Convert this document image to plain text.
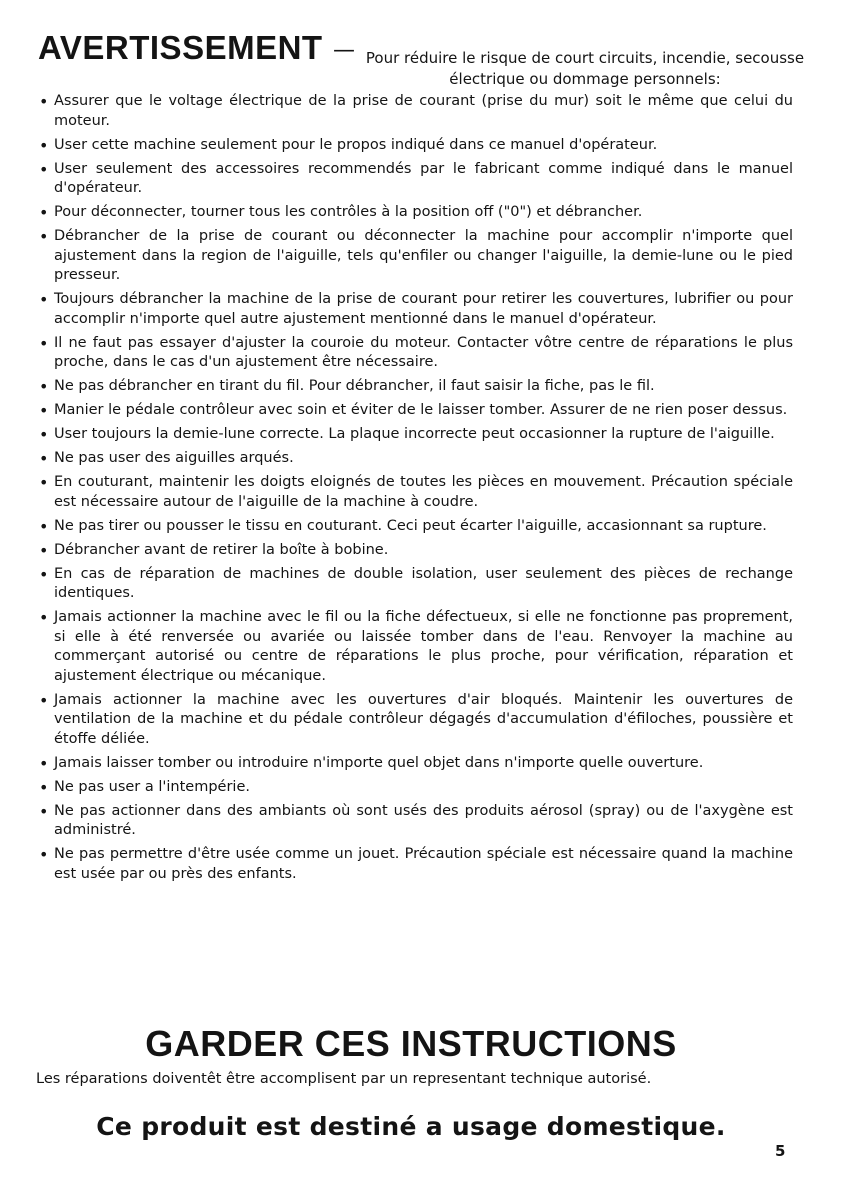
AVERTISSEMENT — Pour réduire le risque de court circuits, incendie, secousse électrique ou dommage personnels:
• Assurer que le voltage électrique de la prise de courant (prise du mur) soit le même que celui du moteur.
• User cette machine seulement pour le propos indiqué dans ce manuel d'opérateur.
• User seulement des accessoires recommendés par le fabricant comme indiqué dans le manuel d'opérateur.
• Pour déconnecter, tourner tous les contrôles à la position off ("0") et débrancher.
• Débrancher de la prise de courant ou déconnecter la machine pour accomplir n'importe quel ajustement dans la region de l'aiguille, tels qu'enfiler ou changer l'aiguille, la demie-lune ou le pied presseur.
• Toujours débrancher la machine de la prise de courant pour retirer les couvertures, lubrifier ou pour accomplir n'importe quel autre ajustement mentionné dans le manuel d'opérateur.
• Il ne faut pas essayer d'ajuster la couroie du moteur. Contacter vôtre centre de réparations le plus proche, dans le cas d'un ajustement être nécessaire.
• Ne pas débrancher en tirant du fil. Pour débrancher, il faut saisir la fiche, pas le fil.
• Manier le pédale contrôleur avec soin et éviter de le laisser tomber. Assurer de ne rien poser dessus.
• User toujours la demie-lune correcte. La plaque incorrecte peut occasionner la rupture de l'aiguille.
• Ne pas user des aiguilles arqués.
• En couturant, maintenir les doigts eloignés de toutes les pièces en mouvement. Précaution spéciale est nécessaire autour de l'aiguille de la machine à coudre.
• Ne pas tirer ou pousser le tissu en couturant. Ceci peut écarter l'aiguille, accasionnant sa rupture.
• Débrancher avant de retirer la boîte à bobine.
• En cas de réparation de machines de double isolation, user seulement des pièces de rechange identiques.
• Jamais actionner la machine avec le fil ou la fiche défectueux, si elle ne fonctionne pas proprement, si elle à été renversée ou avariée ou laissée tomber dans de l'eau. Renvoyer la machine au commerçant autorisé ou centre de réparations le plus proche, pour vérification, réparation et ajustement électrique ou mécanique.
• Jamais actionner la machine avec les ouvertures d'air bloqués. Maintenir les ouvertures de ventilation de la machine et du pédale contrôleur dégagés d'accumulation d'éfiloches, poussière et étoffe déliée.
• Jamais laisser tomber ou introduire n'importe quel objet dans n'importe quelle ouverture.
• Ne pas user a l'intempérie.
• Ne pas actionner dans des ambiants où sont usés des produits aérosol (spray) ou de l'axygène est administré.
• Ne pas permettre d'être usée comme un jouet. Précaution spéciale est nécessaire quand la machine est usée par ou près des enfants.
GARDER CES INSTRUCTIONS
Les réparations doiventêt être accomplisent par un representant technique autorisé.
Ce produit est destiné a usage domestique.
5
